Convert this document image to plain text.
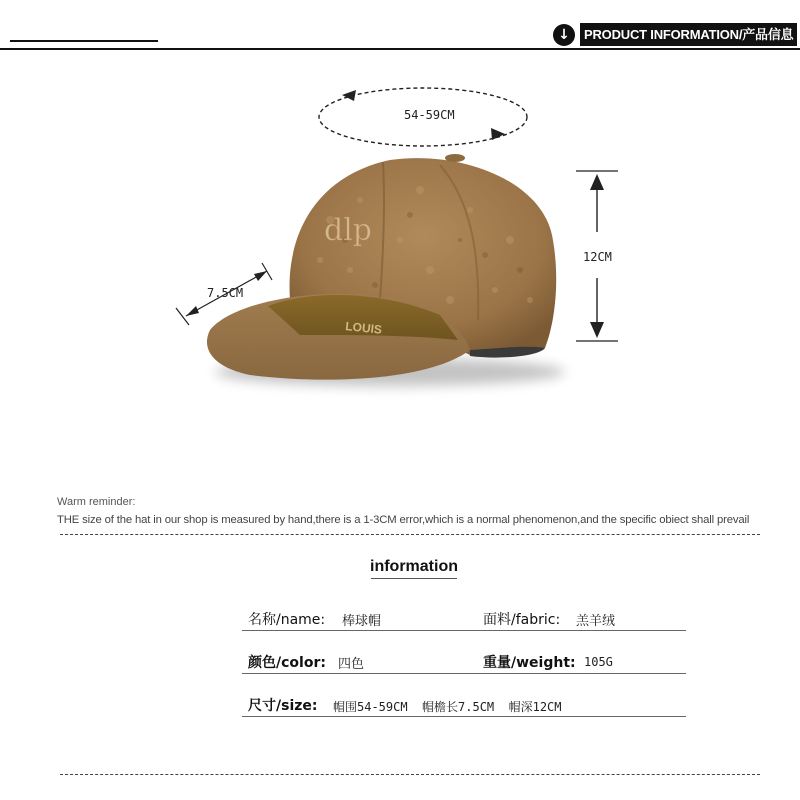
↓	PRODUCT INFORMATION/产品信息
dlp
LOUIS
54-59CM
12CM
7.5CM
Warm reminder:
THE size of the hat in our shop is measured by hand,there is a 1-3CM error,which is a normal phenomenon,and the specific obiect shall prevail
information
名称/name: 棒球帽	面料/fabric: 羔羊绒
颜色/color: 四色	重量/weight: 105G
尺寸/size: 帽围54-59CM  帽檐长7.5CM  帽深12CM
